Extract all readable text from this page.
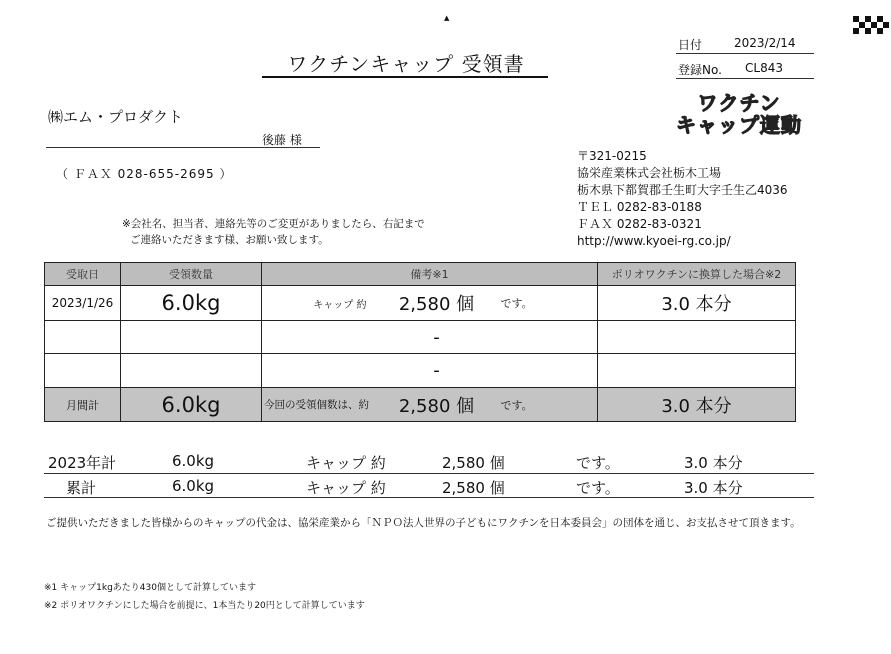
▲
ワクチンキャップ 受領書
日付	2023/2/14
登録No. CL843
ワクチン
キャップ運動
㈱エム・プロダクト
後藤 様
（ ＦＡＸ 028-655-2695 ）
※会社名、担当者、連絡先等のご変更がありましたら、右記まで
ご連絡いただきます様、お願い致します。
〒321-0215
協栄産業株式会社栃木工場
栃木県下都賀郡壬生町大字壬生乙4036
ＴＥＬ 0282-83-0188
ＦＡＸ 0282-83-0321
http://www.kyoei-rg.co.jp/
受取日	受領数量	備考※1			ポリオワクチンに換算した場合※2
2023/1/26	6.0kg	キャップ 約	2,580 個	です。	3.0 本分
			-		
			-		
月間計	6.0kg	今回の受領個数は、約	2,580 個	です。	3.0 本分
2023年計	6.0kg	キャップ 約	2,580 個	です。	3.0 本分
累計	6.0kg	キャップ 約	2,580 個	です。	3.0 本分
ご提供いただきました皆様からのキャップの代金は、協栄産業から「ＮＰＯ法人世界の子どもにワクチンを日本委員会」の団体を通じ、お支払させて頂きます。
※1 キャップ1kgあたり430個として計算しています
※2 ポリオワクチンにした場合を前提に、1本当たり20円として計算しています
